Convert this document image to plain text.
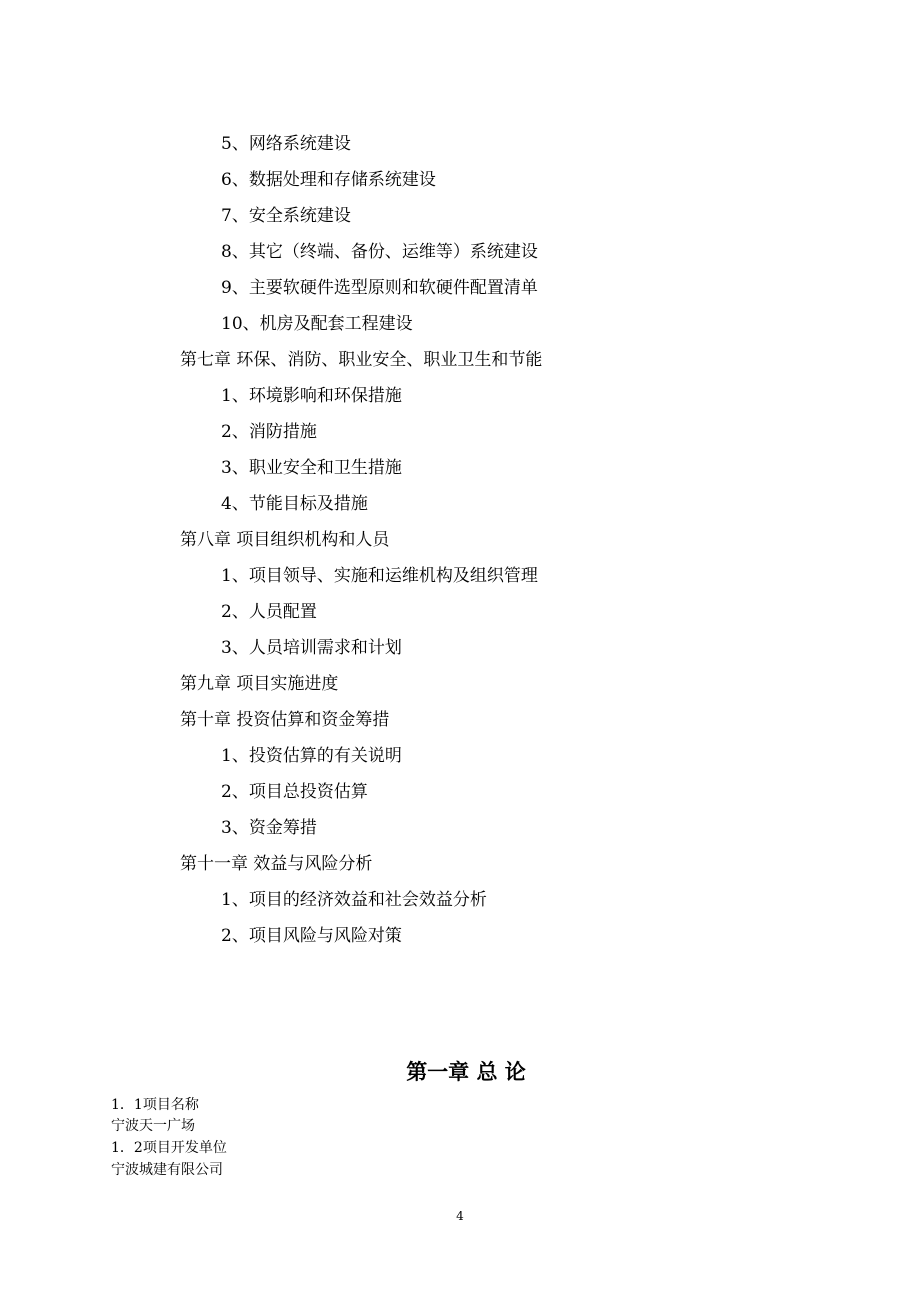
5、网络系统建设
6、数据处理和存储系统建设
7、安全系统建设
8、其它（终端、备份、运维等）系统建设
9、主要软硬件选型原则和软硬件配置清单
10、机房及配套工程建设
第七章 环保、消防、职业安全、职业卫生和节能
1、环境影响和环保措施
2、消防措施
3、职业安全和卫生措施
4、节能目标及措施
第八章 项目组织机构和人员
1、项目领导、实施和运维机构及组织管理
2、人员配置
3、人员培训需求和计划
第九章 项目实施进度
第十章 投资估算和资金筹措
1、投资估算的有关说明
2、项目总投资估算
3、资金筹措
第十一章 效益与风险分析
1、项目的经济效益和社会效益分析
2、项目风险与风险对策
第一章 总 论
1．1项目名称
宁波天一广场
1．2项目开发单位
宁波城建有限公司
4
